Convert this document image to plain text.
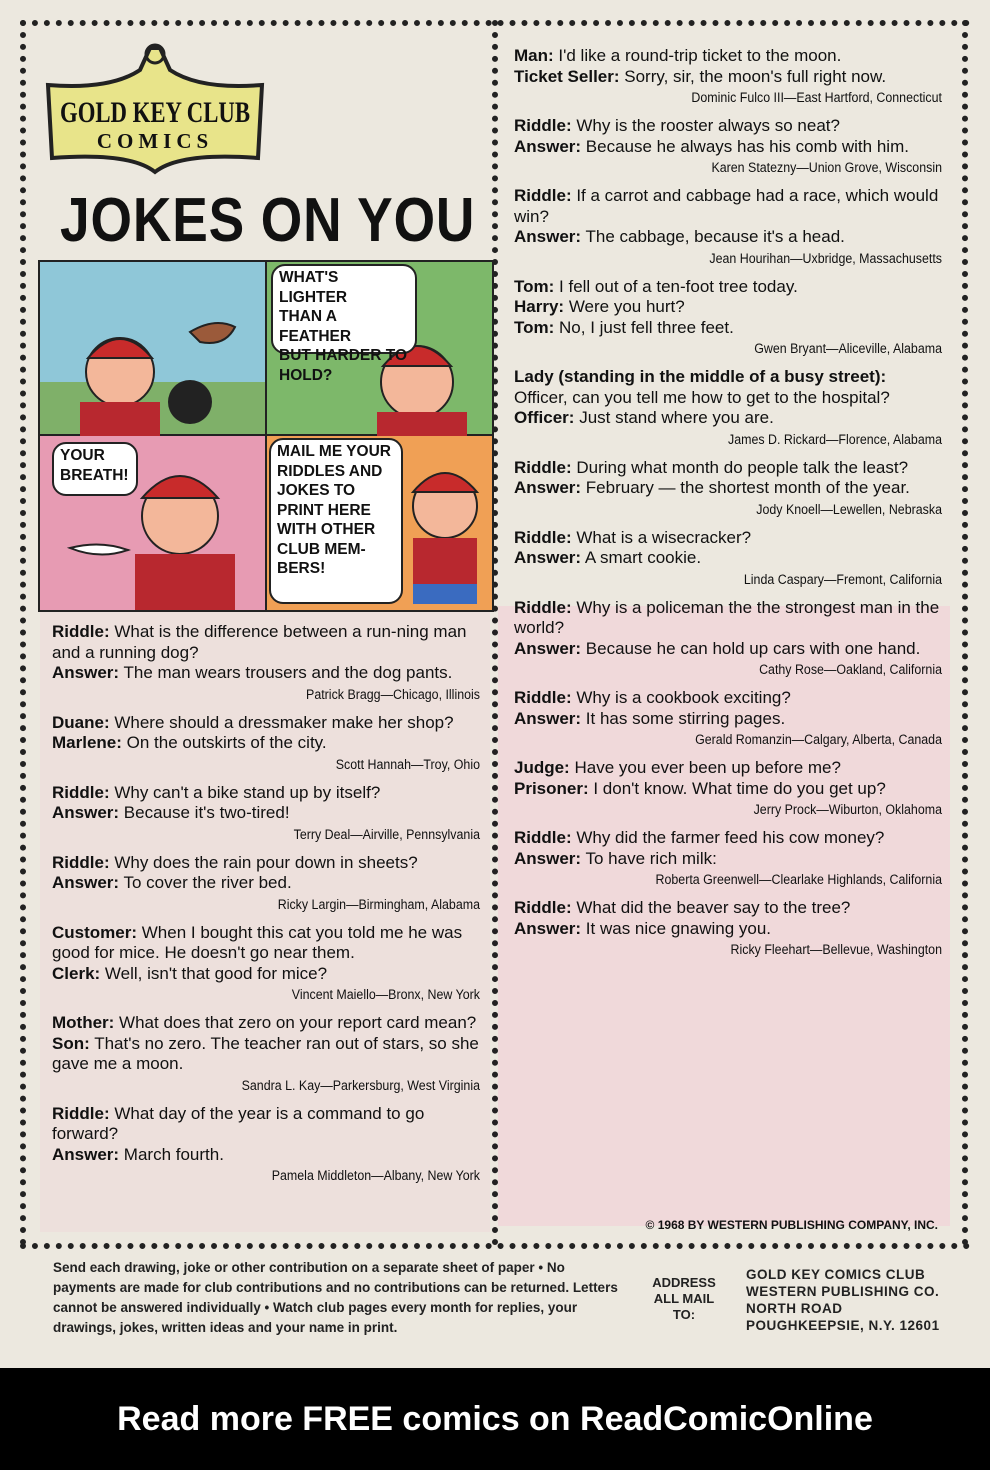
GOLD KEY CLUB
COMICS
JOKES ON YOU
WHAT'S LIGHTER
THAN A FEATHER
BUT HARDER TO
HOLD?
YOUR
BREATH!
MAIL ME YOUR
RIDDLES AND
JOKES TO
PRINT HERE
WITH OTHER
CLUB MEM-
BERS!
Riddle: What is the difference between a run-ning man and a running dog?
Answer: The man wears trousers and the dog pants.
Patrick Bragg—Chicago, Illinois
Duane: Where should a dressmaker make her shop?
Marlene: On the outskirts of the city.
Scott Hannah—Troy, Ohio
Riddle: Why can't a bike stand up by itself?
Answer: Because it's two-tired!
Terry Deal—Airville, Pennsylvania
Riddle: Why does the rain pour down in sheets?
Answer: To cover the river bed.
Ricky Largin—Birmingham, Alabama
Customer: When I bought this cat you told me he was good for mice. He doesn't go near them.
Clerk: Well, isn't that good for mice?
Vincent Maiello—Bronx, New York
Mother: What does that zero on your report card mean?
Son: That's no zero. The teacher ran out of stars, so she gave me a moon.
Sandra L. Kay—Parkersburg, West Virginia
Riddle: What day of the year is a command to go forward?
Answer: March fourth.
Pamela Middleton—Albany, New York
Man: I'd like a round-trip ticket to the moon.
Ticket Seller: Sorry, sir, the moon's full right now.
Dominic Fulco III—East Hartford, Connecticut
Riddle: Why is the rooster always so neat?
Answer: Because he always has his comb with him.
Karen Statezny—Union Grove, Wisconsin
Riddle: If a carrot and cabbage had a race, which would win?
Answer: The cabbage, because it's a head.
Jean Hourihan—Uxbridge, Massachusetts
Tom: I fell out of a ten-foot tree today.
Harry: Were you hurt?
Tom: No, I just fell three feet.
Gwen Bryant—Aliceville, Alabama
Lady (standing in the middle of a busy street): Officer, can you tell me how to get to the hospital?
Officer: Just stand where you are.
James D. Rickard—Florence, Alabama
Riddle: During what month do people talk the least?
Answer: February — the shortest month of the year.
Jody Knoell—Lewellen, Nebraska
Riddle: What is a wisecracker?
Answer: A smart cookie.
Linda Caspary—Fremont, California
Riddle: Why is a policeman the the strongest man in the world?
Answer: Because he can hold up cars with one hand.
Cathy Rose—Oakland, California
Riddle: Why is a cookbook exciting?
Answer: It has some stirring pages.
Gerald Romanzin—Calgary, Alberta, Canada
Judge: Have you ever been up before me?
Prisoner: I don't know. What time do you get up?
Jerry Prock—Wiburton, Oklahoma
Riddle: Why did the farmer feed his cow money?
Answer: To have rich milk:
Roberta Greenwell—Clearlake Highlands, California
Riddle: What did the beaver say to the tree?
Answer: It was nice gnawing you.
Ricky Fleehart—Bellevue, Washington
© 1968 BY WESTERN PUBLISHING COMPANY, INC.
Send each drawing, joke or other contribution on a separate sheet of paper • No payments are made for club contributions and no contributions can be returned. Letters cannot be answered individually • Watch club pages every month for replies, your drawings, jokes, written ideas and your name in print.
ADDRESS ALL MAIL TO:
GOLD KEY COMICS CLUB
WESTERN PUBLISHING CO.
NORTH ROAD
POUGHKEEPSIE, N.Y. 12601
Read more FREE comics on ReadComicOnline
